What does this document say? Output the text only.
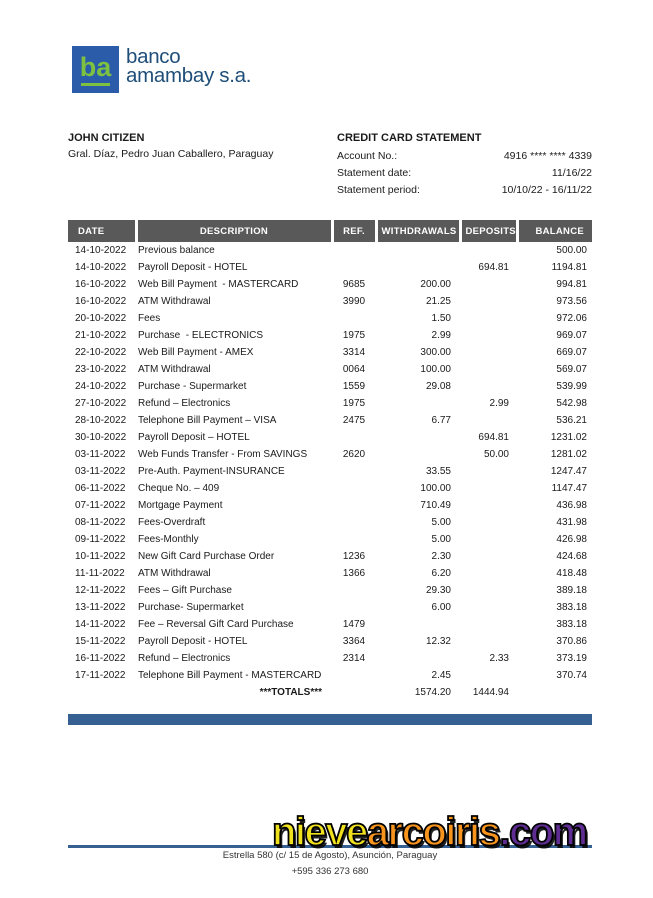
ba banco
amambay s.a.
JOHN CITIZEN
Gral. Díaz, Pedro Juan Caballero, Paraguay
CREDIT CARD STATEMENT
Account No.:	4916 **** **** 4339
Statement date:	11/16/22
Statement period:	10/10/22 - 16/11/22
DATE	DESCRIPTION	REF.	WITHDRAWALS	DEPOSITS	BALANCE
14-10-2022	Previous balance				500.00
14-10-2022	Payroll Deposit - HOTEL			694.81	1194.81
16-10-2022	Web Bill Payment  - MASTERCARD	9685	200.00		994.81
16-10-2022	ATM Withdrawal	3990	21.25		973.56
20-10-2022	Fees		1.50		972.06
21-10-2022	Purchase  - ELECTRONICS	1975	2.99		969.07
22-10-2022	Web Bill Payment - AMEX	3314	300.00		669.07
23-10-2022	ATM Withdrawal	0064	100.00		569.07
24-10-2022	Purchase - Supermarket	1559	29.08		539.99
27-10-2022	Refund – Electronics	1975		2.99	542.98
28-10-2022	Telephone Bill Payment – VISA	2475	6.77		536.21
30-10-2022	Payroll Deposit – HOTEL			694.81	1231.02
03-11-2022	Web Funds Transfer - From SAVINGS	2620		50.00	1281.02
03-11-2022	Pre-Auth. Payment-INSURANCE		33.55		1247.47
06-11-2022	Cheque No. – 409		100.00		1147.47
07-11-2022	Mortgage Payment		710.49		436.98
08-11-2022	Fees-Overdraft		5.00		431.98
09-11-2022	Fees-Monthly		5.00		426.98
10-11-2022	New Gift Card Purchase Order	1236	2.30		424.68
11-11-2022	ATM Withdrawal	1366	6.20		418.48
12-11-2022	Fees – Gift Purchase		29.30		389.18
13-11-2022	Purchase- Supermarket		6.00		383.18
14-11-2022	Fee – Reversal Gift Card Purchase	1479			383.18
15-11-2022	Payroll Deposit - HOTEL	3364	12.32		370.86
16-11-2022	Refund – Electronics	2314		2.33	373.19
17-11-2022	Telephone Bill Payment - MASTERCARD		2.45		370.74
	***TOTALS***		1574.20	1444.94	
Estrella 580 (c/ 15 de Agosto), Asunción, Paraguay
+595 336 273 680
nievearcoiris.com
